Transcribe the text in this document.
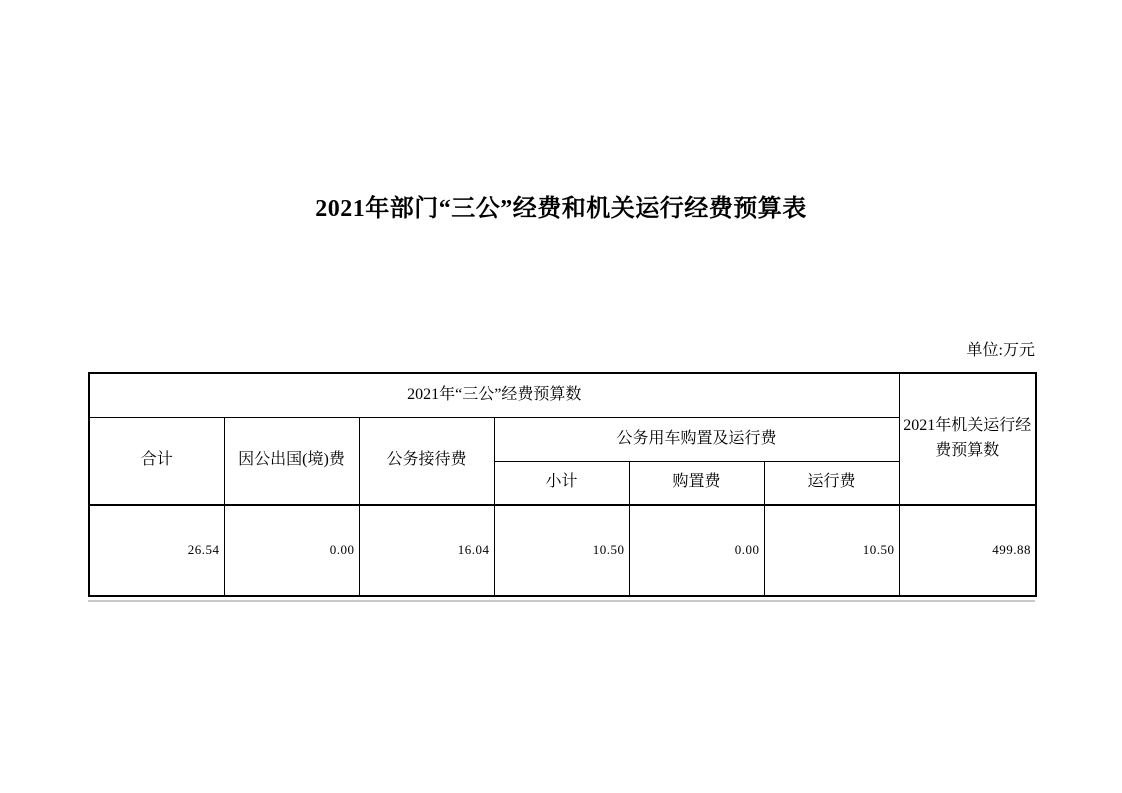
2021年部门“三公”经费和机关运行经费预算表
单位:万元
2021年“三公”经费预算数						2021年机关运行经费预算数
合计	因公出国(境)费	公务接待费	公务用车购置及运行费			
			小计	购置费	运行费	
26.54	0.00	16.04	10.50	0.00	10.50	499.88
